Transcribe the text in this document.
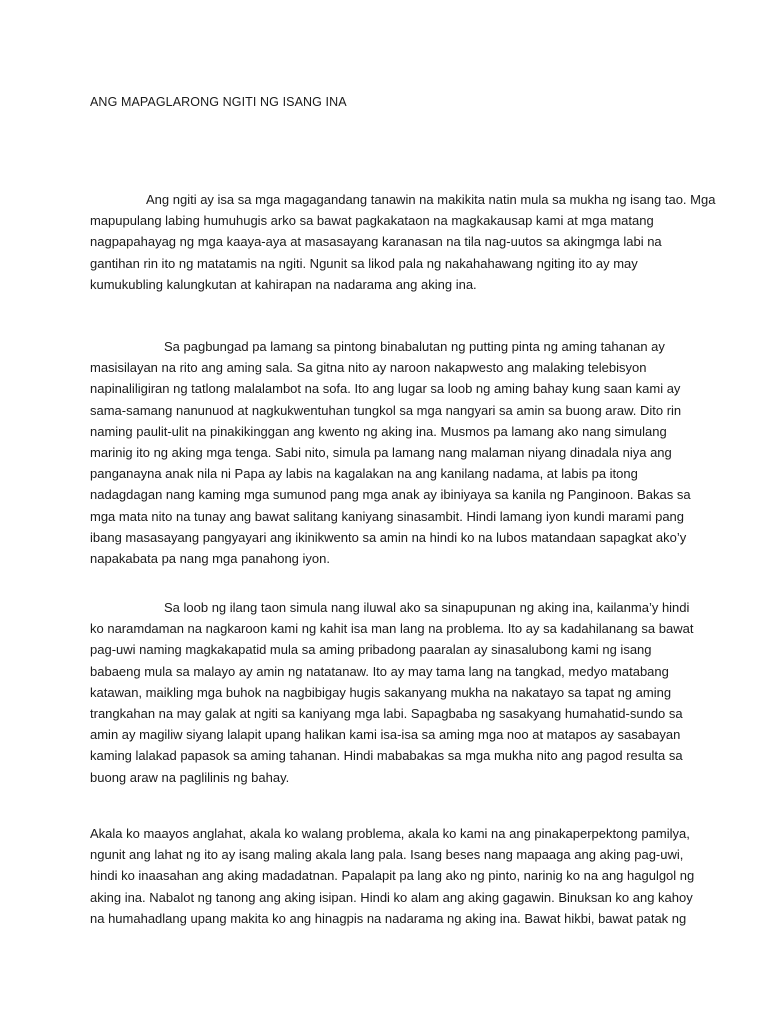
ANG MAPAGLARONG NGITI NG ISANG INA
Ang ngiti ay isa sa mga magagandang tanawin na makikita natin mula sa mukha ng isang tao. Mga
mapupulang labing humuhugis arko sa bawat pagkakataon na magkakausap kami at mga matang
nagpapahayag ng mga kaaya-aya at masasayang karanasan na tila nag-uutos sa akingmga labi na
gantihan rin ito ng matatamis na ngiti. Ngunit sa likod pala ng nakahahawang ngiting ito ay may
kumukubling kalungkutan at kahirapan na nadarama ang aking ina.
Sa pagbungad pa lamang sa pintong binabalutan ng putting pinta ng aming tahanan ay
masisilayan na rito ang aming sala. Sa gitna nito ay naroon nakapwesto ang malaking telebisyon
napinaliligiran ng tatlong malalambot na sofa. Ito ang lugar sa loob ng aming bahay kung saan kami ay
sama-samang nanunuod at nagkukwentuhan tungkol sa mga nangyari sa amin sa buong araw. Dito rin
naming paulit-ulit na pinakikinggan ang kwento ng aking ina. Musmos pa lamang ako nang simulang
marinig ito ng aking mga tenga. Sabi nito, simula pa lamang nang malaman niyang dinadala niya ang
panganayna anak nila ni Papa ay labis na kagalakan na ang kanilang nadama, at labis pa itong
nadagdagan nang kaming mga sumunod pang mga anak ay ibiniyaya sa kanila ng Panginoon. Bakas sa
mga mata nito na tunay ang bawat salitang kaniyang sinasambit. Hindi lamang iyon kundi marami pang
ibang masasayang pangyayari ang ikinikwento sa amin na hindi ko na lubos matandaan sapagkat ako’y
napakabata pa nang mga panahong iyon.
Sa loob ng ilang taon simula nang iluwal ako sa sinapupunan ng aking ina, kailanma’y hindi
ko naramdaman na nagkaroon kami ng kahit isa man lang na problema. Ito ay sa kadahilanang sa bawat
pag-uwi naming magkakapatid mula sa aming pribadong paaralan ay sinasalubong kami ng isang
babaeng mula sa malayo ay amin ng natatanaw. Ito ay may tama lang na tangkad, medyo matabang
katawan, maikling mga buhok na nagbibigay hugis sakanyang mukha na nakatayo sa tapat ng aming
trangkahan na may galak at ngiti sa kaniyang mga labi. Sapagbaba ng sasakyang humahatid-sundo sa
amin ay magiliw siyang lalapit upang halikan kami isa-isa sa aming mga noo at matapos ay sasabayan
kaming lalakad papasok sa aming tahanan. Hindi mababakas sa mga mukha nito ang pagod resulta sa
buong araw na paglilinis ng bahay.
Akala ko maayos anglahat, akala ko walang problema, akala ko kami na ang pinakaperpektong pamilya,
ngunit ang lahat ng ito ay isang maling akala lang pala. Isang beses nang mapaaga ang aking pag-uwi,
hindi ko inaasahan ang aking madadatnan. Papalapit pa lang ako ng pinto, narinig ko na ang hagulgol ng
aking ina. Nabalot ng tanong ang aking isipan. Hindi ko alam ang aking gagawin. Binuksan ko ang kahoy
na humahadlang upang makita ko ang hinagpis na nadarama ng aking ina. Bawat hikbi, bawat patak ng
